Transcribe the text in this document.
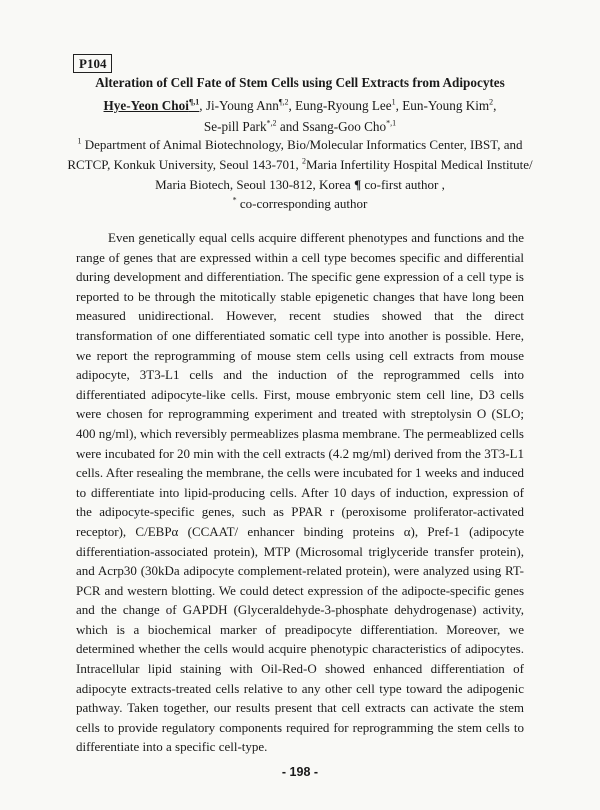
P104
Alteration of Cell Fate of Stem Cells using Cell Extracts from Adipocytes
Hye-Yeon Choi$^{\P,1}$, Ji-Young Ann$^{\P,2}$, Eung-Ryoung Lee$^1$, Eun-Young Kim$^2$,
Se-pill Park$^{*,2}$ and Ssang-Goo Cho$^{*,1}$
$^1$ Department of Animal Biotechnology, Bio/Molecular Informatics Center, IBST, and RCTCP, Konkuk University, Seoul 143-701, $^2$Maria Infertility Hospital Medical Institute/ Maria Biotech, Seoul 130-812, Korea ¶ co-first author ,
* co-corresponding author

Even genetically equal cells acquire different phenotypes and functions and the range of genes that are expressed within a cell type becomes specific and differential during development and differentiation. The specific gene expression of a cell type is reported to be through the mitotically stable epigenetic changes that have long been measured unidirectional. However, recent studies showed that the direct transformation of one differentiated somatic cell type into another is possible. Here, we report the reprogramming of mouse stem cells using cell extracts from mouse adipocyte, 3T3-L1 cells and the induction of the reprogrammed cells into differentiated adipocyte-like cells. First, mouse embryonic stem cell line, D3 cells were chosen for reprogramming experiment and treated with streptolysin O (SLO; 400 ng/ml), which reversibly permeablizes plasma membrane. The permeablized cells were incubated for 20 min with the cell extracts (4.2 mg/ml) derived from the 3T3-L1 cells. After resealing the membrane, the cells were incubated for 1 weeks and induced to differentiate into lipid-producing cells. After 10 days of induction, expression of the adipocyte-specific genes, such as PPAR r (peroxisome proliferator-activated receptor), C/EBPα (CCAAT/ enhancer binding proteins α), Pref-1 (adipocyte differentiation-associated protein), MTP (Microsomal triglyceride transfer protein), and Acrp30 (30kDa adipocyte complement-related protein), were analyzed using RT-PCR and western blotting. We could detect expression of the adipocte-specific genes and the change of GAPDH (Glyceraldehyde-3-phosphate dehydrogenase) activity, which is a biochemical marker of preadipocyte differentiation. Moreover, we determined whether the cells would acquire phenotypic characteristics of adipocytes. Intracellular lipid staining with Oil-Red-O showed enhanced differentiation of adipocyte extracts-treated cells relative to any other cell type toward the adipogenic pathway. Taken together, our results present that cell extracts can activate the stem cells to provide regulatory components required for reprogramming the stem cells to differentiate into a specific cell-type.

- 198 -
